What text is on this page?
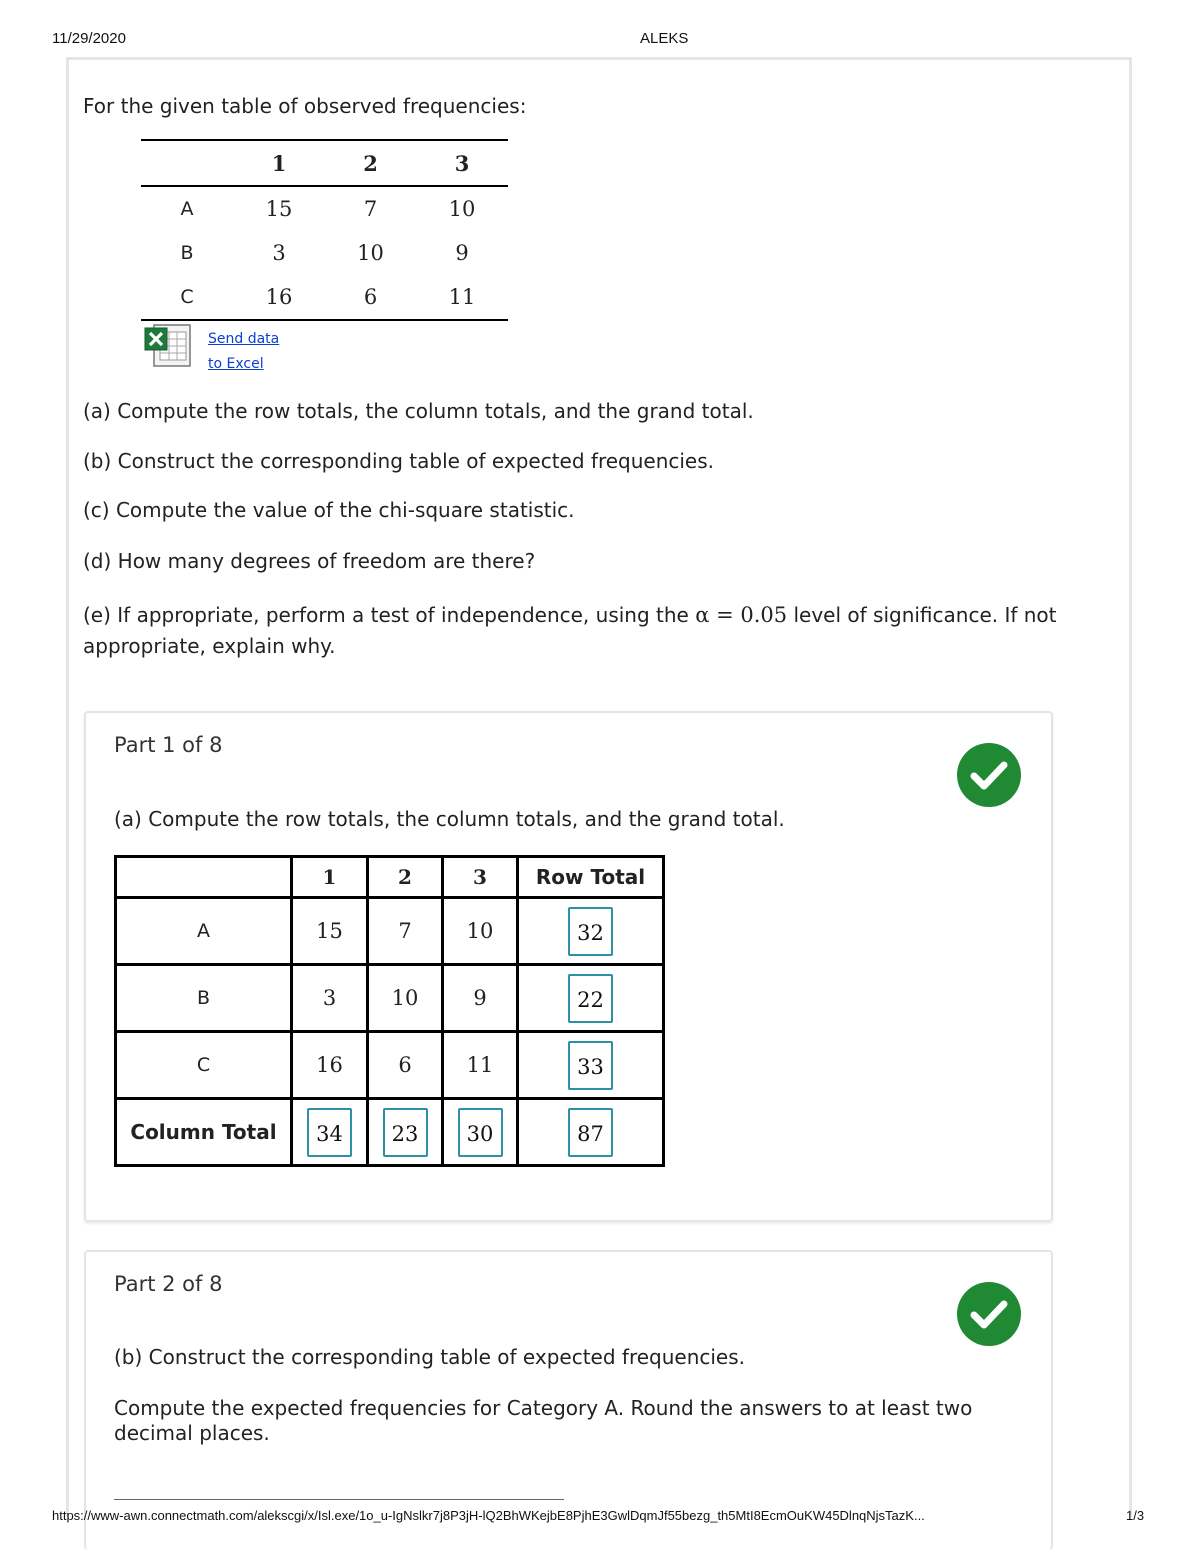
11/29/2020	ALEKS
For the given table of observed frequencies:
	1	2	3
A	15	7	10
B	3	10	9
C	16	6	11
Send data
to Excel
(a) Compute the row totals, the column totals, and the grand total.
(b) Construct the corresponding table of expected frequencies.
(c) Compute the value of the chi-square statistic.
(d) How many degrees of freedom are there?
(e) If appropriate, perform a test of independence, using the α = 0.05 level of significance. If not appropriate, explain why.
Part 1 of 8
(a) Compute the row totals, the column totals, and the grand total.
	1	2	3	Row Total
A	15	7	10	32
B	3	10	9	22
C	16	6	11	33
Column Total	34	23	30	87
Part 2 of 8
(b) Construct the corresponding table of expected frequencies.
Compute the expected frequencies for Category A. Round the answers to at least two decimal places.
https://www-awn.connectmath.com/alekscgi/x/Isl.exe/1o_u-IgNslkr7j8P3jH-lQ2BhWKejbE8PjhE3GwlDqmJf55bezg_th5MtI8EcmOuKW45DlnqNjsTazK...	1/3
